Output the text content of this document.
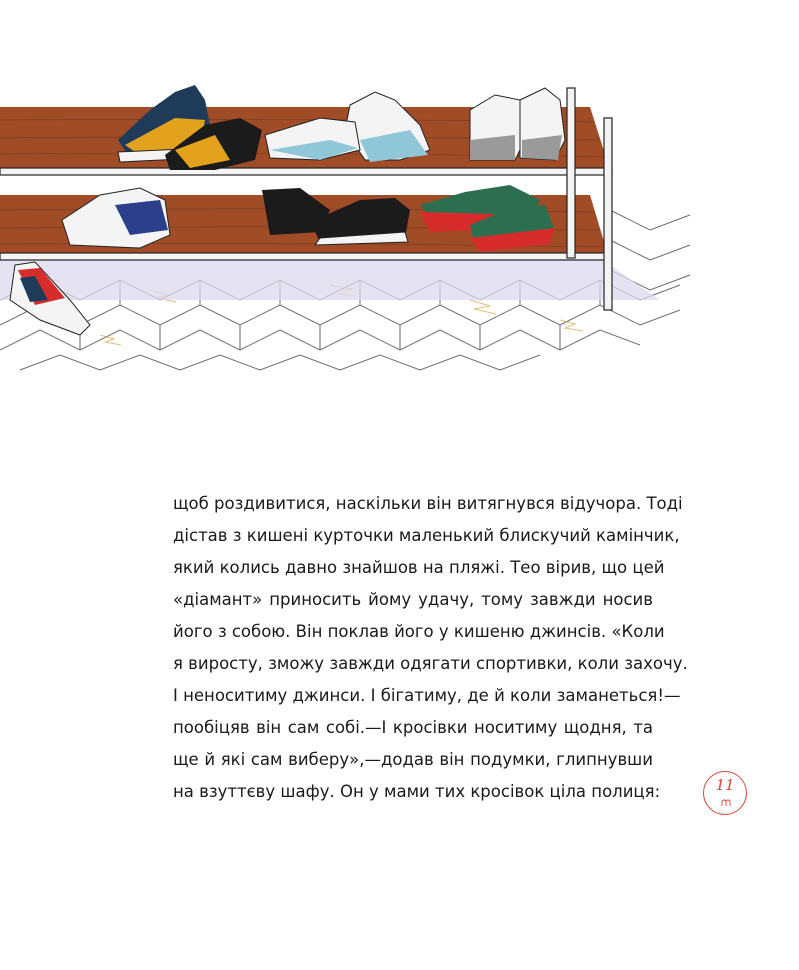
щоб роздивитися, наскільки він витягнувся відучора. Тоді
дістав з кишені курточки маленький блискучий камінчик,
який колись давно знайшов на пляжі. Тео вірив, що цей
«діамант» приносить йому удачу, тому завжди носив
його з собою. Він поклав його у кишеню джинсів. «Коли
я виросту, зможу завжди одягати спортивки, коли захочу.
І неноситиму джинси. І бігатиму, де й коли заманеться!—
пообіцяв він сам собі.—І кросівки носитиму щодня, та
ще й які сам виберу»,—додав він подумки, глипнувши
на взуттєву шафу. Он у мами тих кросівок ціла полиця:	11
